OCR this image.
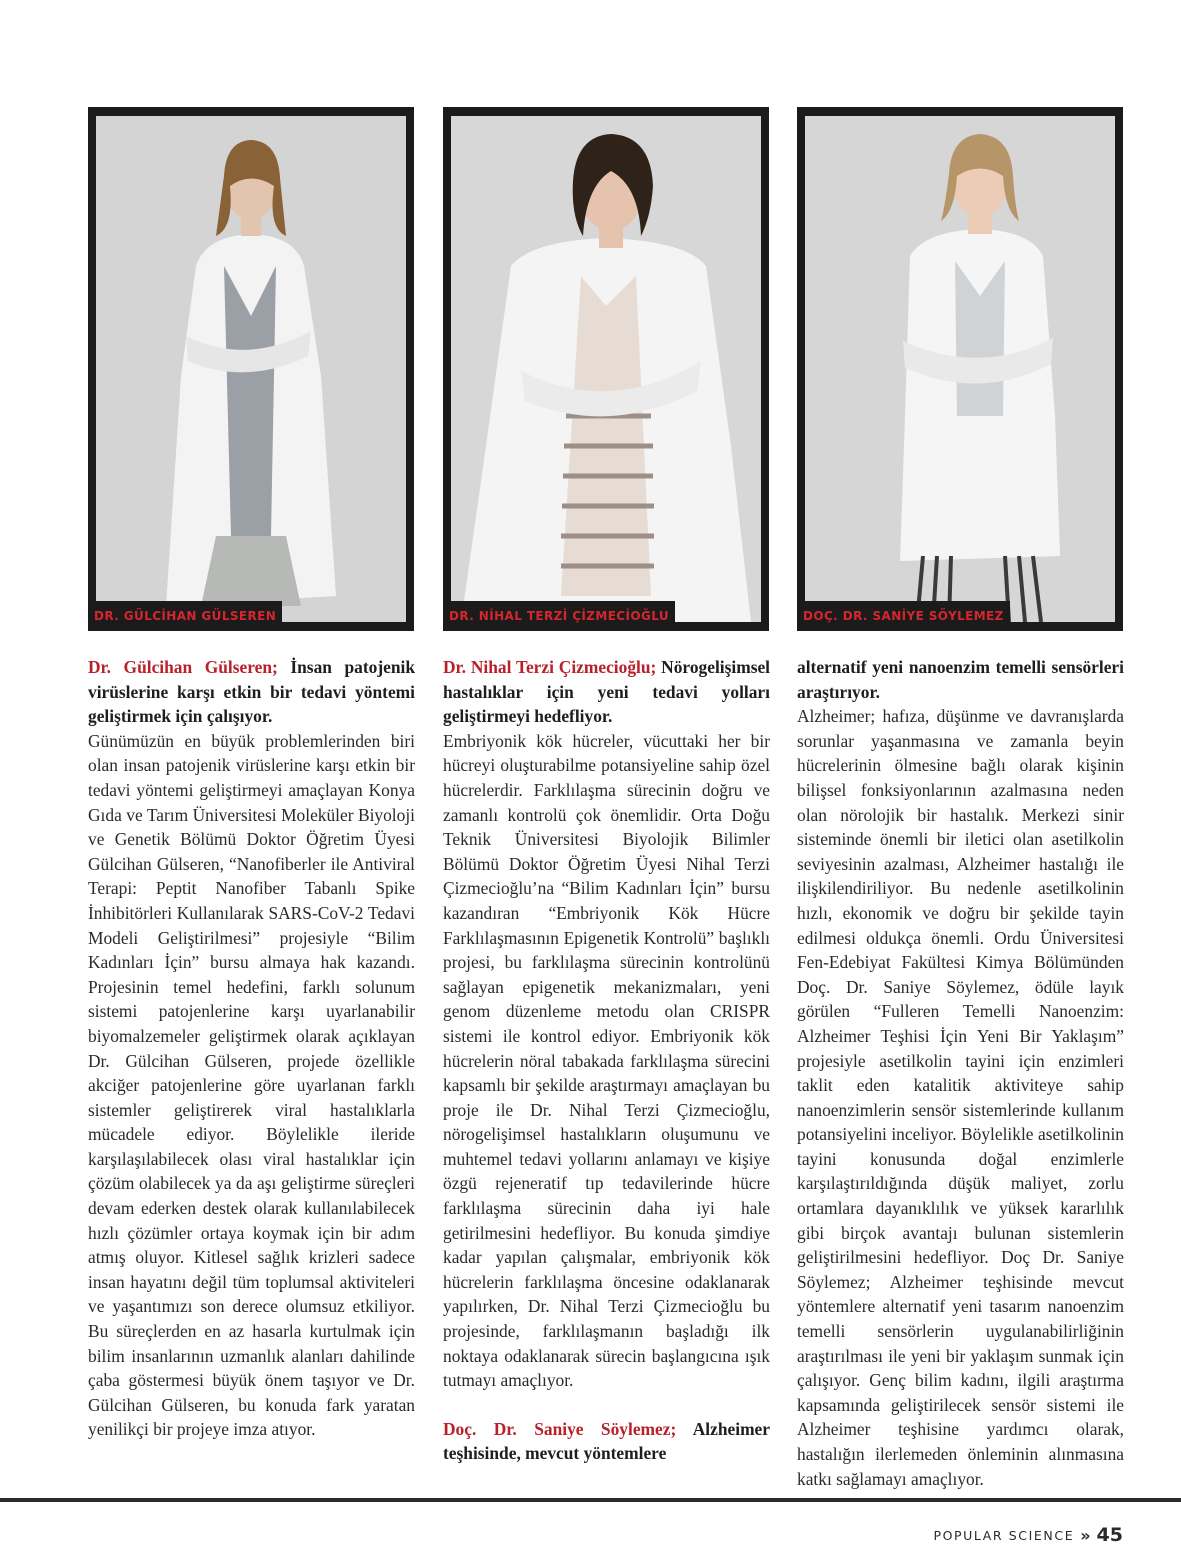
DR. GÜLCİHAN GÜLSEREN	DR. NİHAL TERZİ ÇİZMECİOĞLU	DOÇ. DR. SANİYE SÖYLEMEZ

Dr. Gülcihan Gülseren; İnsan patojenik virüslerine karşı etkin bir tedavi yöntemi geliştirmek için çalışıyor.

Günümüzün en büyük problemlerinden biri olan insan patojenik virüslerine karşı etkin bir tedavi yöntemi geliştirmeyi amaçlayan Konya Gıda ve Tarım Üniversitesi Moleküler Biyoloji ve Genetik Bölümü Doktor Öğretim Üyesi Gülcihan Gülseren, “Nanofiberler ile Antiviral Terapi: Peptit Nanofiber Tabanlı Spike İnhibitörleri Kullanılarak SARS-CoV-2 Tedavi Modeli Geliştirilmesi” projesiyle “Bilim Kadınları İçin” bursu almaya hak kazandı. Projesinin temel hedefini, farklı solunum sistemi patojenlerine karşı uyarlanabilir biyomalzemeler geliştirmek olarak açıklayan Dr. Gülcihan Gülseren, projede özellikle akciğer patojenlerine göre uyarlanan farklı sistemler geliştirerek viral hastalıklarla mücadele ediyor. Böylelikle ileride karşılaşılabilecek olası viral hastalıklar için çözüm olabilecek ya da aşı geliştirme süreçleri devam ederken destek olarak kullanılabilecek hızlı çözümler ortaya koymak için bir adım atmış oluyor. Kitlesel sağlık krizleri sadece insan hayatını değil tüm toplumsal aktiviteleri ve yaşantımızı son derece olumsuz etkiliyor. Bu süreçlerden en az hasarla kurtulmak için bilim insanlarının uzmanlık alanları dahilinde çaba göstermesi büyük önem taşıyor ve Dr. Gülcihan Gülseren, bu konuda fark yaratan yenilikçi bir projeye imza atıyor.

Dr. Nihal Terzi Çizmecioğlu; Nörogelişimsel hastalıklar için yeni tedavi yolları geliştirmeyi hedefliyor.

Embriyonik kök hücreler, vücuttaki her bir hücreyi oluşturabilme potansiyeline sahip özel hücrelerdir. Farklılaşma sürecinin doğru ve zamanlı kontrolü çok önemlidir. Orta Doğu Teknik Üniversitesi Biyolojik Bilimler Bölümü Doktor Öğretim Üyesi Nihal Terzi Çizmecioğlu’na “Bilim Kadınları İçin” bursu kazandıran “Embriyonik Kök Hücre Farklılaşmasının Epigenetik Kontrolü” başlıklı projesi, bu farklılaşma sürecinin kontrolünü sağlayan epigenetik mekanizmaları, yeni genom düzenleme metodu olan CRISPR sistemi ile kontrol ediyor. Embriyonik kök hücrelerin nöral tabakada farklılaşma sürecini kapsamlı bir şekilde araştırmayı amaçlayan bu proje ile Dr. Nihal Terzi Çizmecioğlu, nörogelişimsel hastalıkların oluşumunu ve muhtemel tedavi yollarını anlamayı ve kişiye özgü rejeneratif tıp tedavilerinde hücre farklılaşma sürecinin daha iyi hale getirilmesini hedefliyor. Bu konuda şimdiye kadar yapılan çalışmalar, embriyonik kök hücrelerin farklılaşma öncesine odaklanarak yapılırken, Dr. Nihal Terzi Çizmecioğlu bu projesinde, farklılaşmanın başladığı ilk noktaya odaklanarak sürecin başlangıcına ışık tutmayı amaçlıyor.

Doç. Dr. Saniye Söylemez; Alzheimer teşhisinde, mevcut yöntemlere

alternatif yeni nanoenzim temelli sensörleri araştırıyor.

Alzheimer; hafıza, düşünme ve davranışlarda sorunlar yaşanmasına ve zamanla beyin hücrelerinin ölmesine bağlı olarak kişinin bilişsel fonksiyonlarının azalmasına neden olan nörolojik bir hastalık. Merkezi sinir sisteminde önemli bir iletici olan asetilkolin seviyesinin azalması, Alzheimer hastalığı ile ilişkilendiriliyor. Bu nedenle asetilkolinin hızlı, ekonomik ve doğru bir şekilde tayin edilmesi oldukça önemli. Ordu Üniversitesi Fen-Edebiyat Fakültesi Kimya Bölümünden Doç. Dr. Saniye Söylemez, ödüle layık görülen “Fulleren Temelli Nanoenzim: Alzheimer Teşhisi İçin Yeni Bir Yaklaşım” projesiyle asetilkolin tayini için enzimleri taklit eden katalitik aktiviteye sahip nanoenzimlerin sensör sistemlerinde kullanım potansiyelini inceliyor. Böylelikle asetilkolinin tayini konusunda doğal enzimlerle karşılaştırıldığında düşük maliyet, zorlu ortamlara dayanıklılık ve yüksek kararlılık gibi birçok avantajı bulunan sistemlerin geliştirilmesini hedefliyor. Doç Dr. Saniye Söylemez; Alzheimer teşhisinde mevcut yöntemlere alternatif yeni tasarım nanoenzim temelli sensörlerin uygulanabilirliğinin araştırılması ile yeni bir yaklaşım sunmak için çalışıyor. Genç bilim kadını, ilgili araştırma kapsamında geliştirilecek sensör sistemi ile Alzheimer teşhisine yardımcı olarak, hastalığın ilerlemeden önleminin alınmasına katkı sağlamayı amaçlıyor.

POPULAR SCIENCE » 45
